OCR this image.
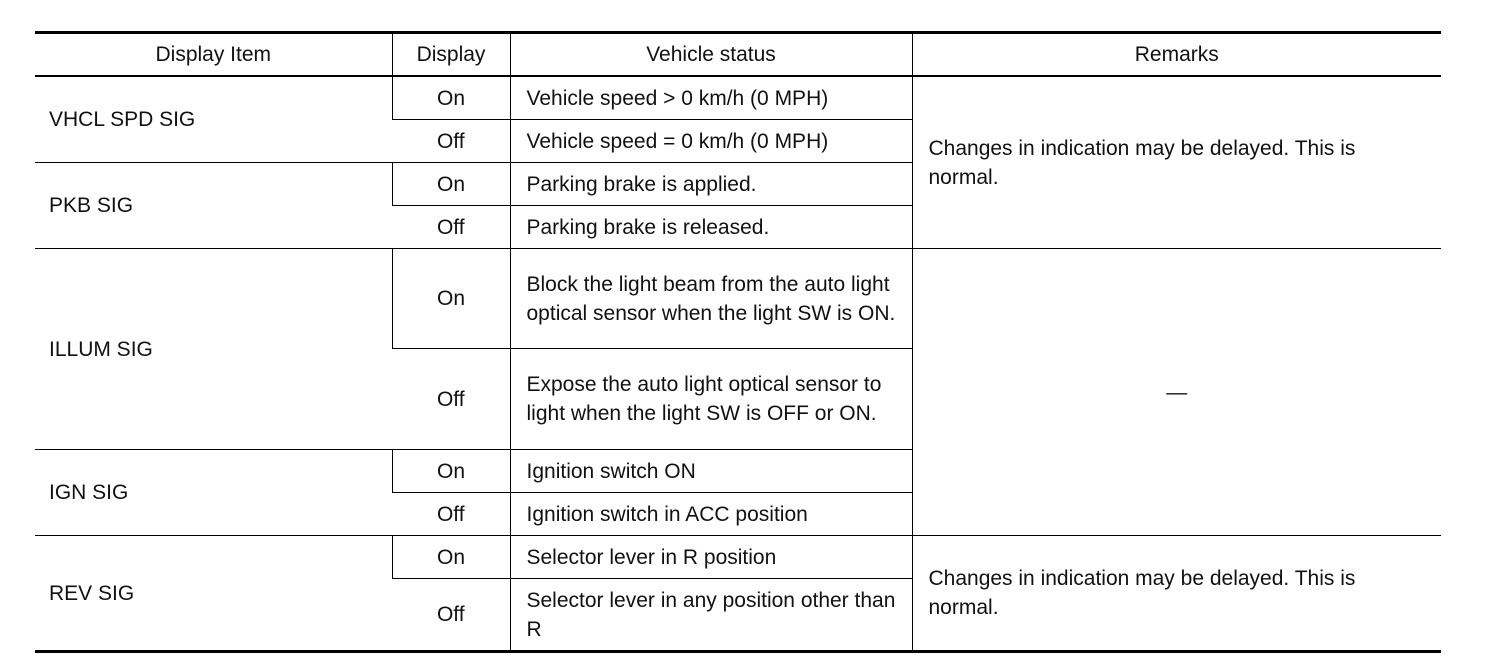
Display Item	Display	Vehicle status	Remarks
VHCL SPD SIG	On	Vehicle speed > 0 km/h (0 MPH)	Changes in indication may be delayed. This is normal.
	Off	Vehicle speed = 0 km/h (0 MPH)	
PKB SIG	On	Parking brake is applied.	
	Off	Parking brake is released.	
ILLUM SIG	On	Block the light beam from the auto light optical sensor when the light SW is ON.	—
	Off	Expose the auto light optical sensor to light when the light SW is OFF or ON.	
IGN SIG	On	Ignition switch ON	
	Off	Ignition switch in ACC position	
REV SIG	On	Selector lever in R position	Changes in indication may be delayed. This is normal.
	Off	Selector lever in any position other than R	
